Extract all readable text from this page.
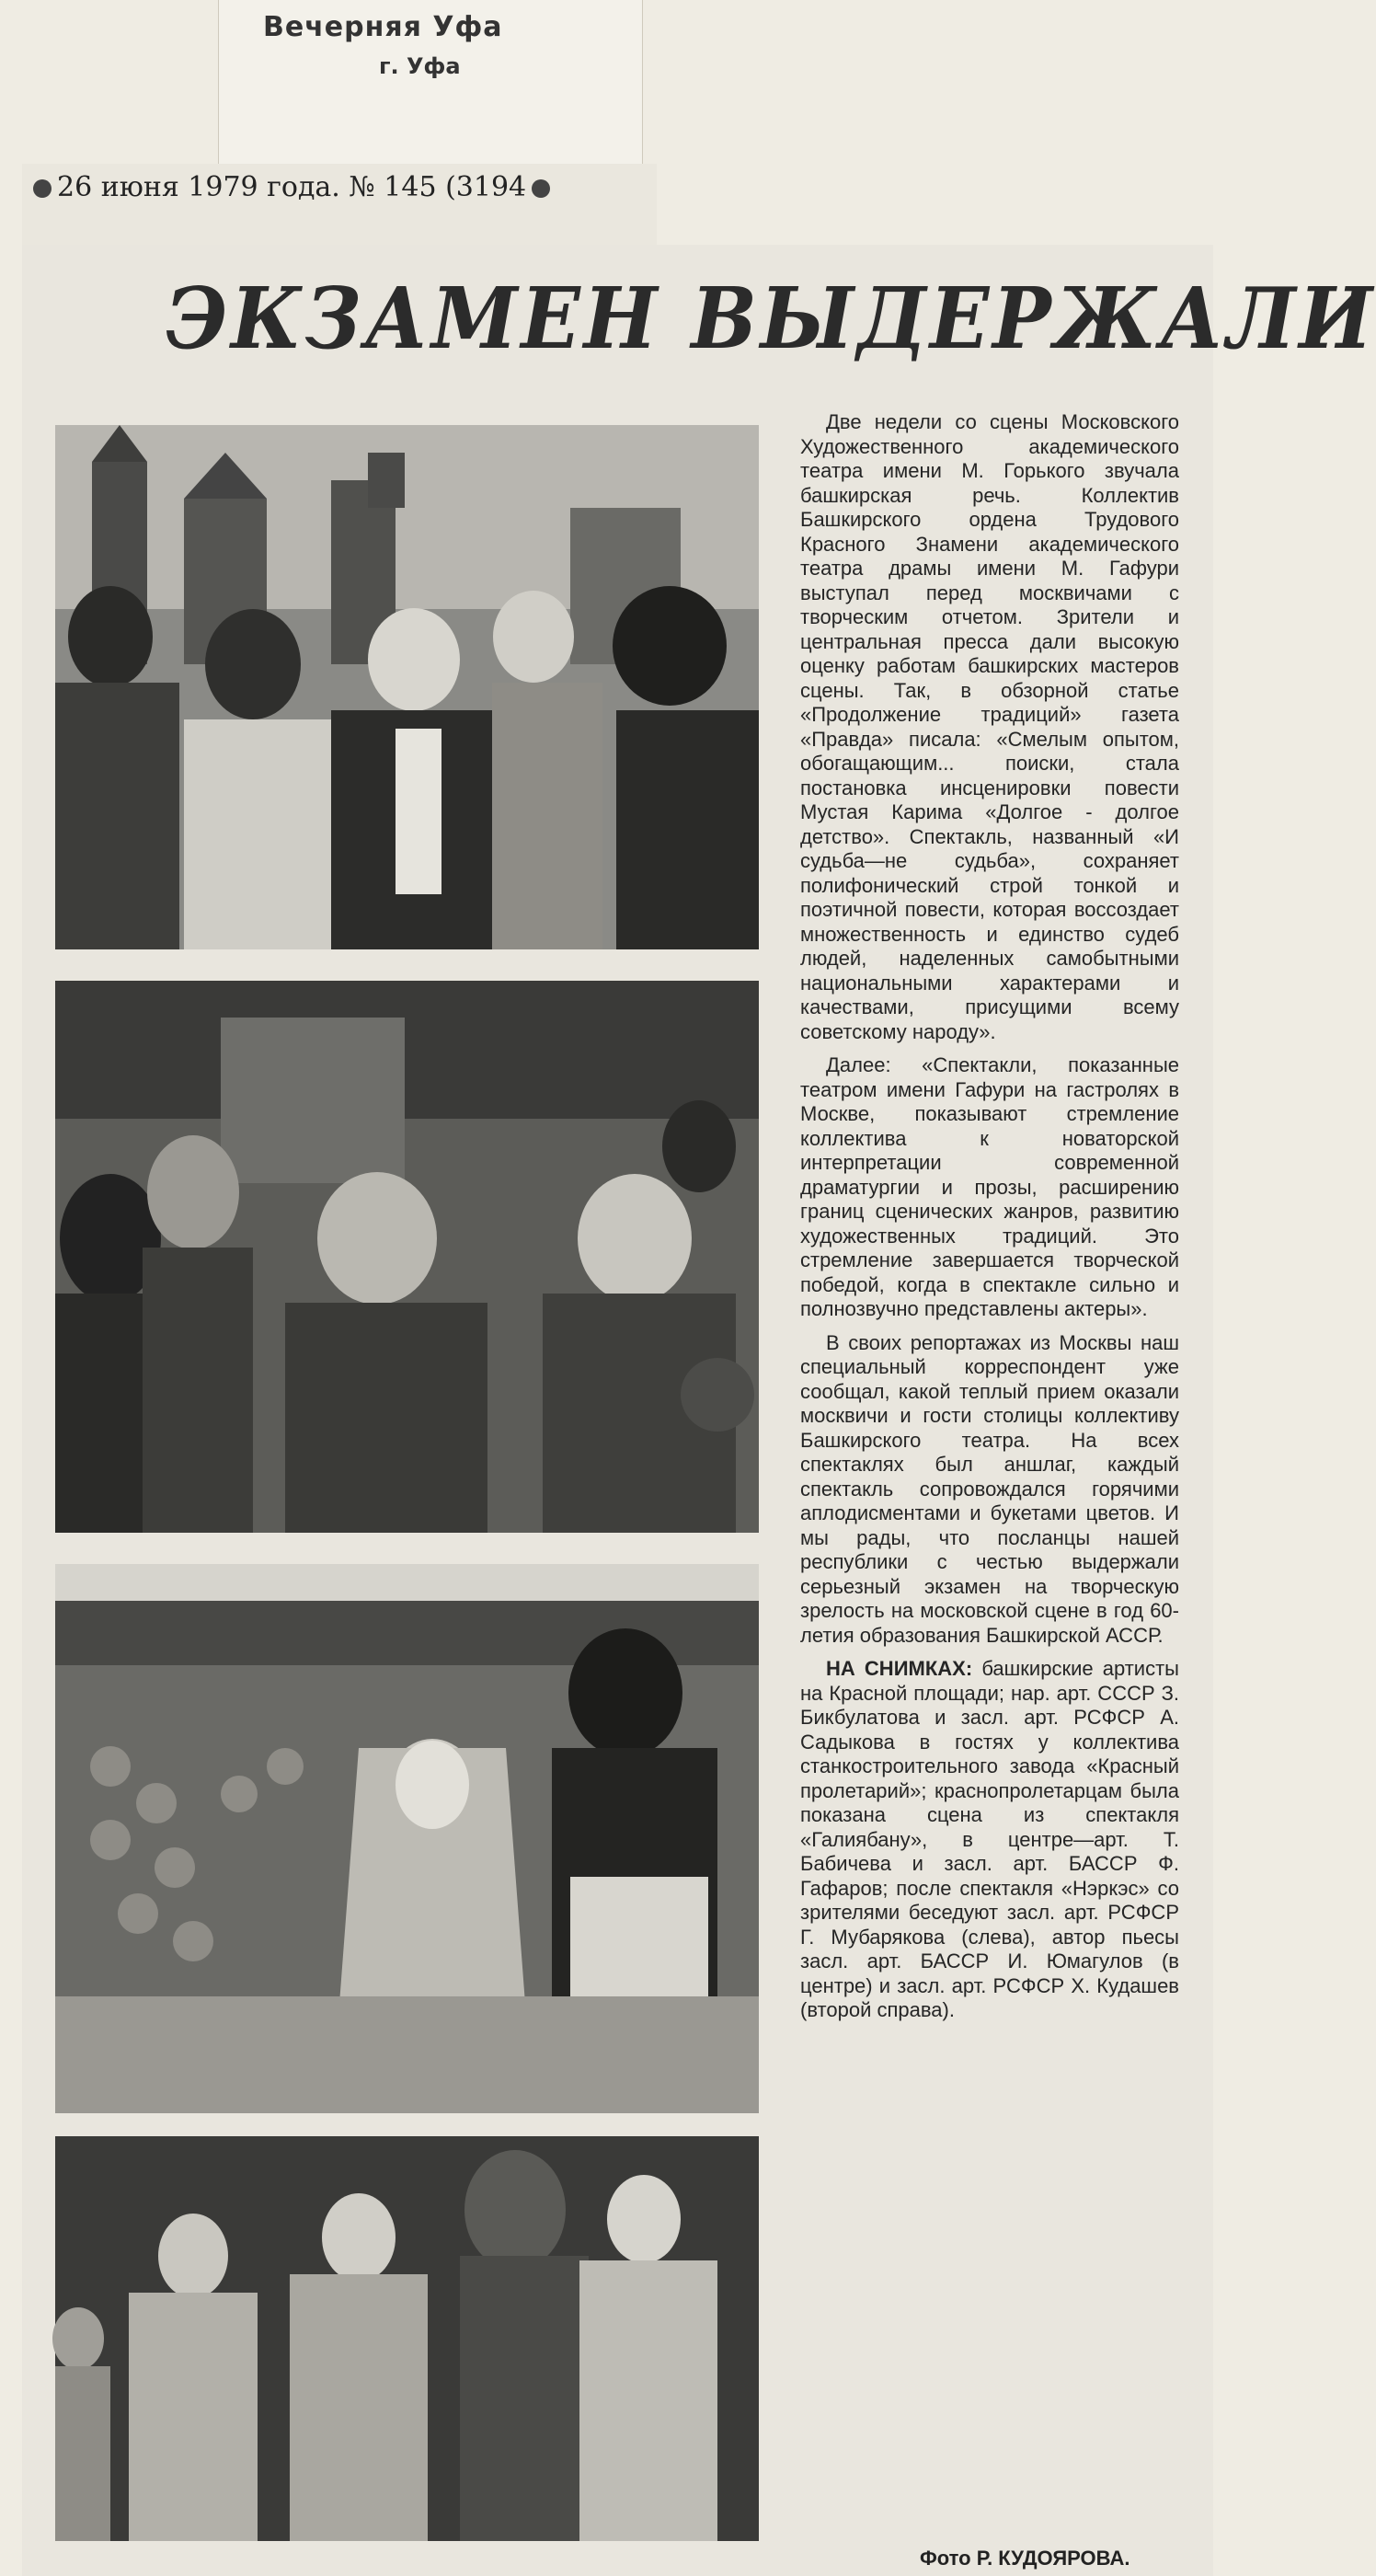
Вечерняя Уфа
г. Уфа
26 июня 1979 года. № 145 (3194
ЭКЗАМЕН ВЫДЕРЖАЛИ

Две недели со сцены Московского Художественного академического театра имени М. Горького звучала башкирская речь. Коллектив Башкирского ордена Трудового Красного Знамени академического театра драмы имени М. Гафури выступал перед москвичами с творческим отчетом. Зрители и центральная пресса дали высокую оценку работам башкирских мастеров сцены. Так, в обзорной статье «Продолжение традиций» газета «Правда» писала: «Смелым опытом, обогащающим... поиски, стала постановка инсценировки повести Мустая Карима «Долгое - долгое детство». Спектакль, названный «И судьба—не судьба», сохраняет полифонический строй тонкой и поэтичной повести, которая воссоздает множественность и единство судеб людей, наделенных самобытными национальными характерами и качествами, присущими всему советскому народу».

Далее: «Спектакли, показанные театром имени Гафури на гастролях в Москве, показывают стремление коллектива к новаторской интерпретации современной драматургии и прозы, расширению границ сценических жанров, развитию художественных традиций. Это стремление завершается творческой победой, когда в спектакле сильно и полнозвучно представлены актеры».

В своих репортажах из Москвы наш специальный корреспондент уже сообщал, какой теплый прием оказали москвичи и гости столицы коллективу Башкирского театра. На всех спектаклях был аншлаг, каждый спектакль сопровождался горячими аплодисментами и букетами цветов. И мы рады, что посланцы нашей республики с честью выдержали серьезный экзамен на творческую зрелость на московской сцене в год 60-летия образования Башкирской АССР.

НА СНИМКАХ: башкирские артисты на Красной площади; нар. арт. СССР З. Бикбулатова и засл. арт. РСФСР А. Садыкова в гостях у коллектива станкостроительного завода «Красный пролетарий»; краснопролетарцам была показана сцена из спектакля «Галиябану», в центре—арт. Т. Бабичева и засл. арт. БАССР Ф. Гафаров; после спектакля «Нэркэс» со зрителями беседуют засл. арт. РСФСР Г. Мубарякова (слева), автор пьесы засл. арт. БАССР И. Юмагулов (в центре) и засл. арт. РСФСР Х. Кудашев (второй справа).

Фото Р. КУДОЯРОВА.
